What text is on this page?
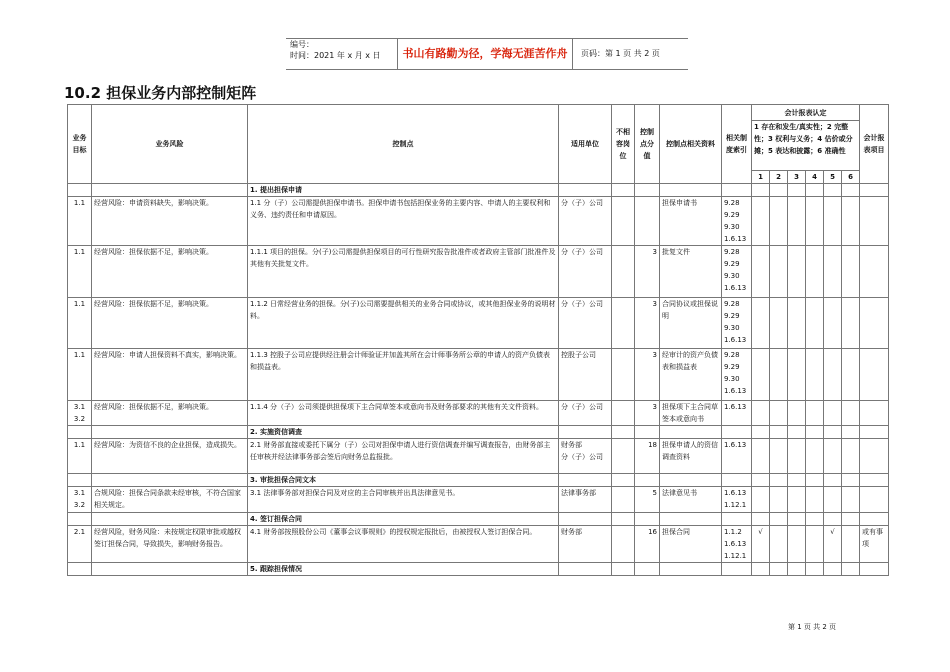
编号：
时间：2021 年 x 月 x 日	书山有路勤为径，学海无涯苦作舟	页码：第 1 页 共 2 页
10.2 担保业务内部控制矩阵
业务目标	业务风险	控制点	适用单位	不相容岗位	控制点分值	控制点相关资料	相关制度索引	会计报表认定						会计报表项目
								1 存在和发生/真实性；2 完整性；3 权利与义务；4 估价或分摊；5 表达和披露；6 准确性						
								1	2	3	4	5	6	
		1. 提出担保申请												
1.1	经营风险：申请资料缺失，影响决策。	1.1 分（子）公司需提供担保申请书。担保申请书包括担保业务的主要内容、申请人的主要权利和义务、违约责任和申请原因。	分（子）公司			担保申请书	9.28
9.29
9.30
1.6.13							
1.1	经营风险：担保依据不足，影响决策。	1.1.1 项目的担保。分(子)公司需提供担保项目的可行性研究报告批准件或者政府主管部门批准件及其他有关批复文件。	分（子）公司		3	批复文件	9.28
9.29
9.30
1.6.13							
1.1	经营风险：担保依据不足，影响决策。	1.1.2 日常经营业务的担保。分(子)公司需要提供相关的业务合同或协议，或其他担保业务的说明材料。	分（子）公司		3	合同协议或担保说明	9.28
9.29
9.30
1.6.13							
1.1	经营风险：申请人担保资料不真实，影响决策。	1.1.3 控股子公司应提供经注册会计师验证并加盖其所在会计师事务所公章的申请人的资产负债表和损益表。	控股子公司		3	经审计的资产负债表和损益表	9.28
9.29
9.30
1.6.13							
3.1
3.2	经营风险：担保依据不足，影响决策。	1.1.4 分（子）公司须提供担保项下主合同草签本或意向书及财务部要求的其他有关文件资料。	分（子）公司		3	担保项下主合同草签本或意向书	1.6.13							
		2. 实施资信调查												
1.1	经营风险：为资信不良的企业担保，造成损失。	2.1 财务部直接或委托下属分（子）公司对担保申请人进行资信调查并编写调查报告，由财务部主任审核并经法律事务部会签后向财务总监报批。	财务部
分（子）公司		18	担保申请人的资信调查资料	1.6.13							
		3. 审批担保合同文本												
3.1
3.2	合规风险：担保合同条款未经审核，不符合国家相关规定。	3.1 法律事务部对担保合同及对应的主合同审核并出具法律意见书。	法律事务部		5	法律意见书	1.6.13
1.12.1							
		4. 签订担保合同												
2.1	经营风险，财务风险：未按规定权限审批或越权签订担保合同，导致损失，影响财务报告。	4.1 财务部按照股份公司《董事会议事规则》的授权规定报批后，由被授权人签订担保合同。	财务部		16	担保合同	1.1.2
1.6.13
1.12.1	√				√		或有事项
		5. 跟踪担保情况												
第 1 页 共 2 页
